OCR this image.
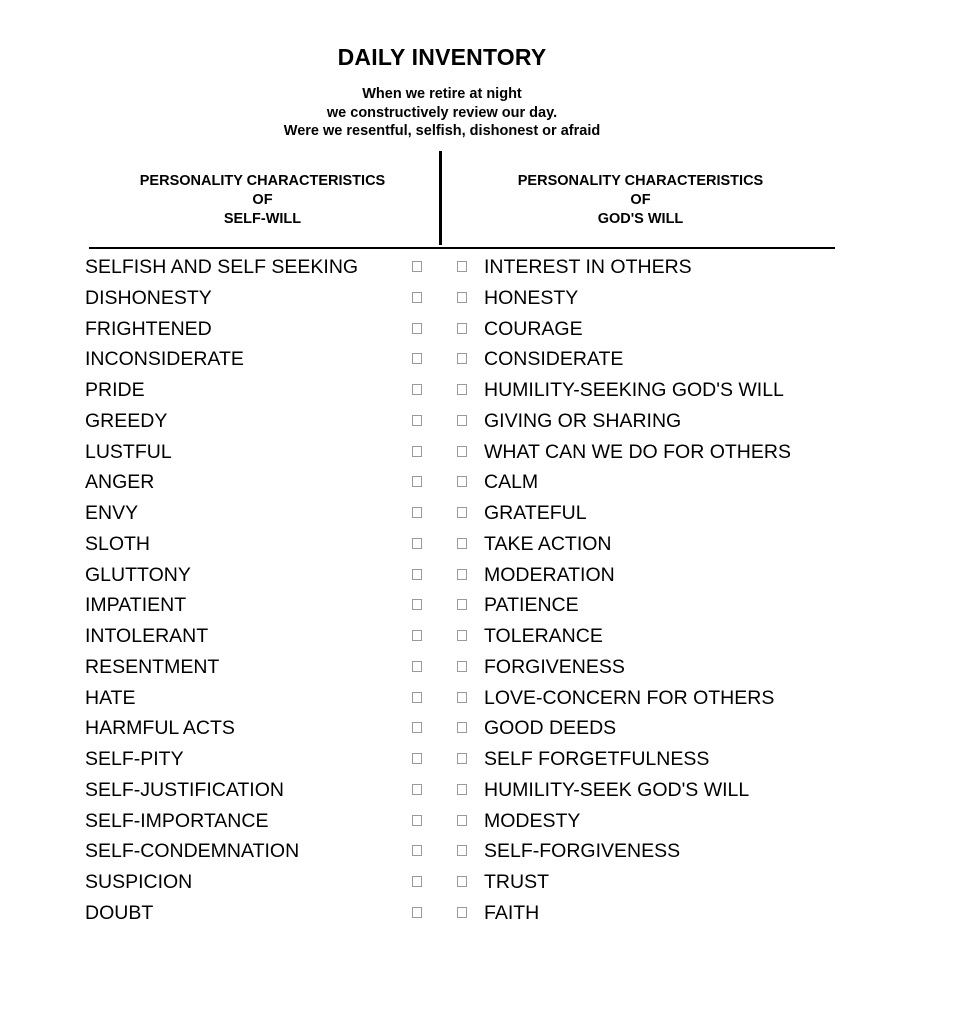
DAILY INVENTORY
When we retire at night
we constructively review our day.
Were we resentful, selfish, dishonest or afraid
PERSONALITY CHARACTERISTICS
OF
SELF-WILL
PERSONALITY CHARACTERISTICS
OF
GOD'S WILL
SELFISH AND SELF SEEKING	INTEREST IN OTHERS
DISHONESTY	HONESTY
FRIGHTENED	COURAGE
INCONSIDERATE	CONSIDERATE
PRIDE	HUMILITY-SEEKING GOD'S WILL
GREEDY	GIVING OR SHARING
LUSTFUL	WHAT CAN WE DO FOR OTHERS
ANGER	CALM
ENVY	GRATEFUL
SLOTH	TAKE ACTION
GLUTTONY	MODERATION
IMPATIENT	PATIENCE
INTOLERANT	TOLERANCE
RESENTMENT	FORGIVENESS
HATE	LOVE-CONCERN FOR OTHERS
HARMFUL ACTS	GOOD DEEDS
SELF-PITY	SELF FORGETFULNESS
SELF-JUSTIFICATION	HUMILITY-SEEK GOD'S WILL
SELF-IMPORTANCE	MODESTY
SELF-CONDEMNATION	SELF-FORGIVENESS
SUSPICION	TRUST
DOUBT	FAITH
